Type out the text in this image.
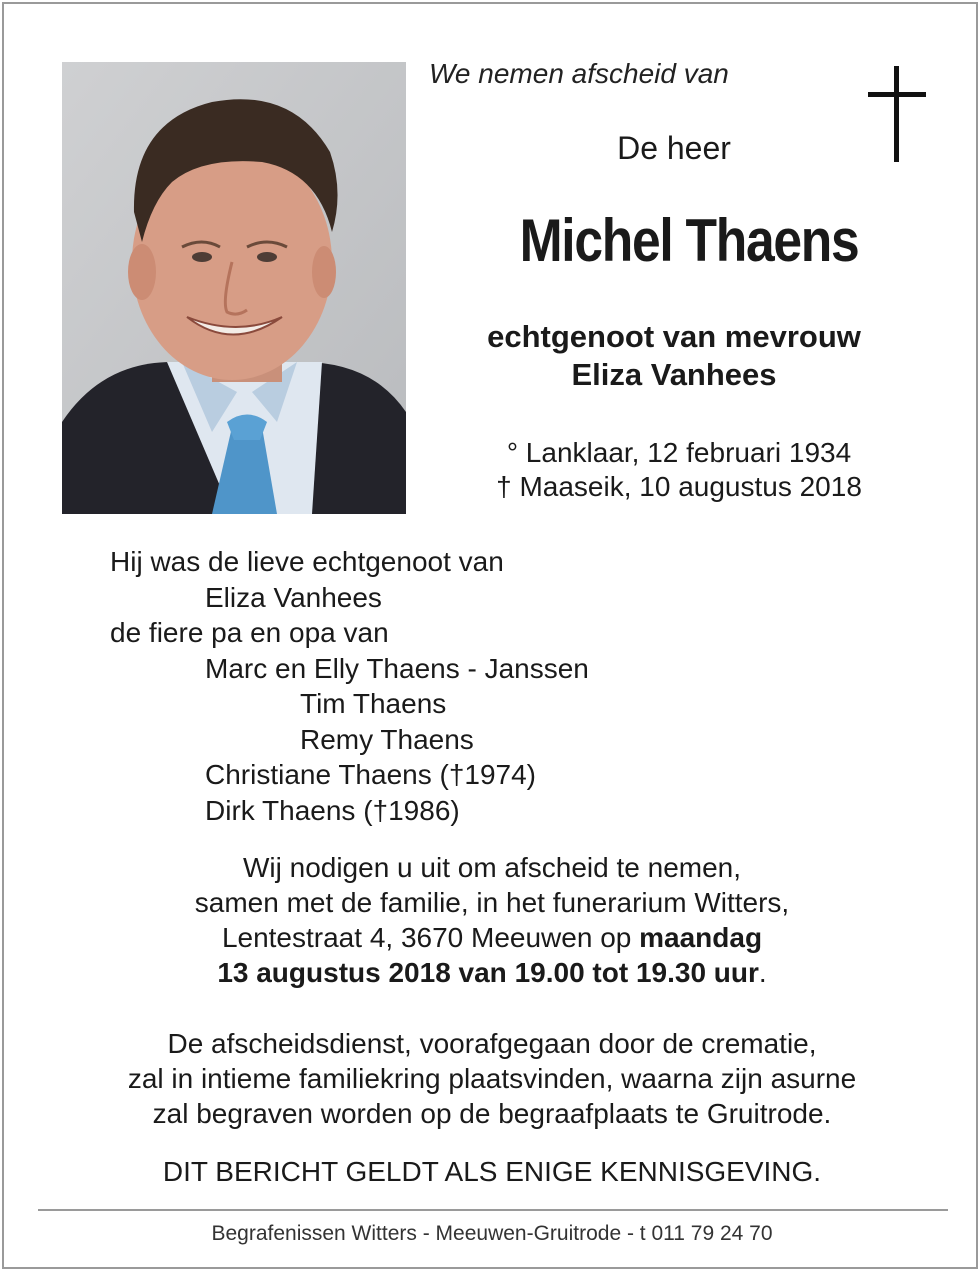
We nemen afscheid van
De heer
Michel Thaens
echtgenoot van mevrouw
Eliza Vanhees
° Lanklaar, 12 februari 1934
† Maaseik, 10 augustus 2018
Hij was de lieve echtgenoot van
Eliza Vanhees
de fiere pa en opa van
Marc en Elly Thaens - Janssen
Tim Thaens
Remy Thaens
Christiane Thaens (†1974)
Dirk Thaens (†1986)
Wij nodigen u uit om afscheid te nemen,
samen met de familie, in het funerarium Witters,
Lentestraat 4, 3670 Meeuwen op maandag
13 augustus 2018 van 19.00 tot 19.30 uur.
De afscheidsdienst, voorafgegaan door de crematie,
zal in intieme familiekring plaatsvinden, waarna zijn asurne
zal begraven worden op de begraafplaats te Gruitrode.
DIT BERICHT GELDT ALS ENIGE KENNISGEVING.
Begrafenissen Witters - Meeuwen-Gruitrode - t 011 79 24 70
